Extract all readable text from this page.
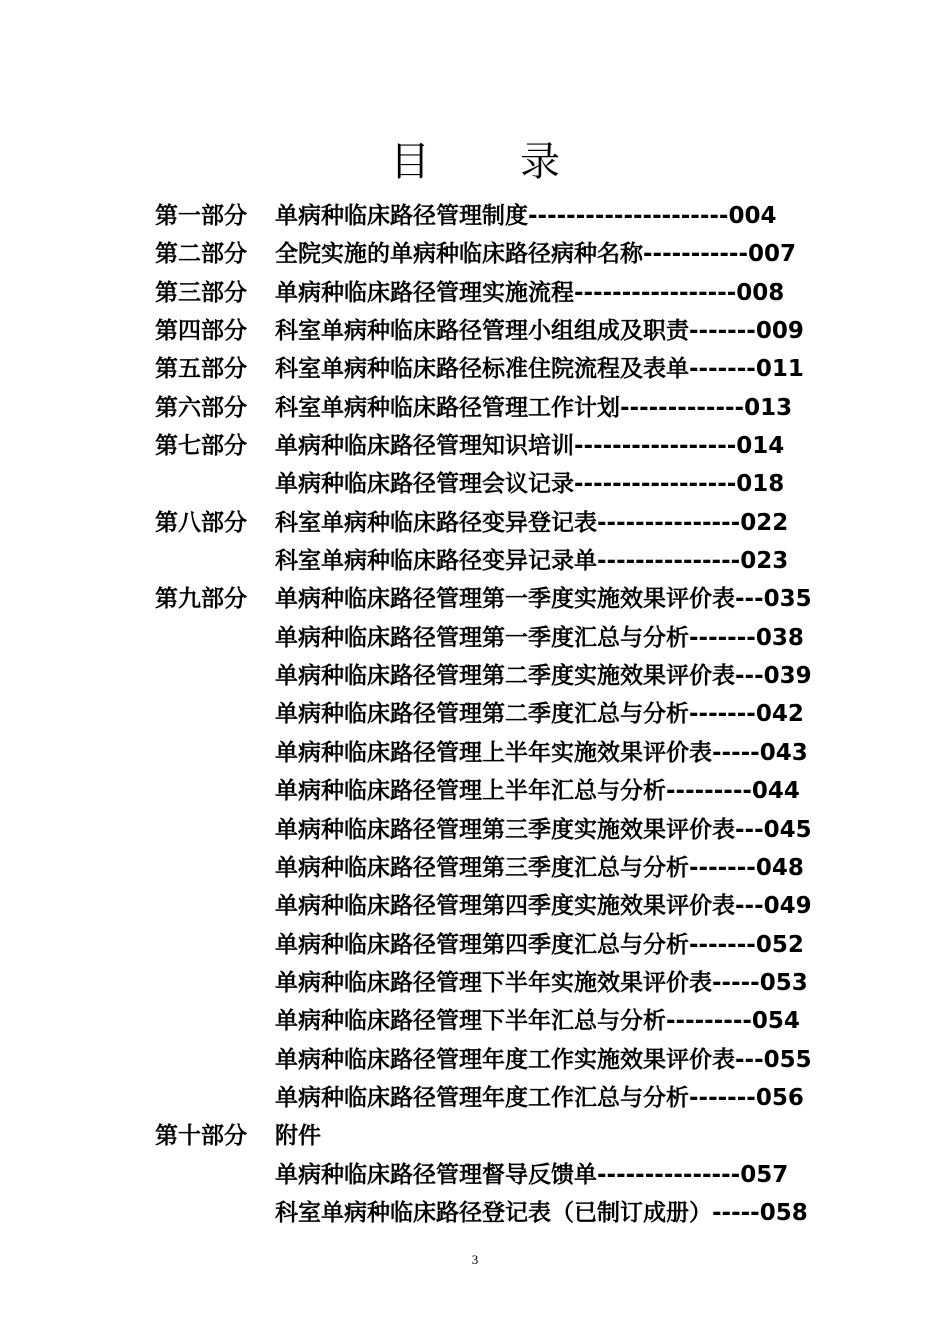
目 录
第一部分	单病种临床路径管理制度---------------------004
第二部分	全院实施的单病种临床路径病种名称-----------007
第三部分	单病种临床路径管理实施流程-----------------008
第四部分	科室单病种临床路径管理小组组成及职责-------009
第五部分	科室单病种临床路径标准住院流程及表单-------011
第六部分	科室单病种临床路径管理工作计划-------------013
第七部分	单病种临床路径管理知识培训-----------------014
单病种临床路径管理会议记录-----------------018
第八部分	科室单病种临床路径变异登记表---------------022
科室单病种临床路径变异记录单---------------023
第九部分	单病种临床路径管理第一季度实施效果评价表---035
单病种临床路径管理第一季度汇总与分析-------038
单病种临床路径管理第二季度实施效果评价表---039
单病种临床路径管理第二季度汇总与分析-------042
单病种临床路径管理上半年实施效果评价表-----043
单病种临床路径管理上半年汇总与分析---------044
单病种临床路径管理第三季度实施效果评价表---045
单病种临床路径管理第三季度汇总与分析-------048
单病种临床路径管理第四季度实施效果评价表---049
单病种临床路径管理第四季度汇总与分析-------052
单病种临床路径管理下半年实施效果评价表-----053
单病种临床路径管理下半年汇总与分析---------054
单病种临床路径管理年度工作实施效果评价表---055
单病种临床路径管理年度工作汇总与分析-------056
第十部分	附件
单病种临床路径管理督导反馈单---------------057
科室单病种临床路径登记表（已制订成册）-----058
3
